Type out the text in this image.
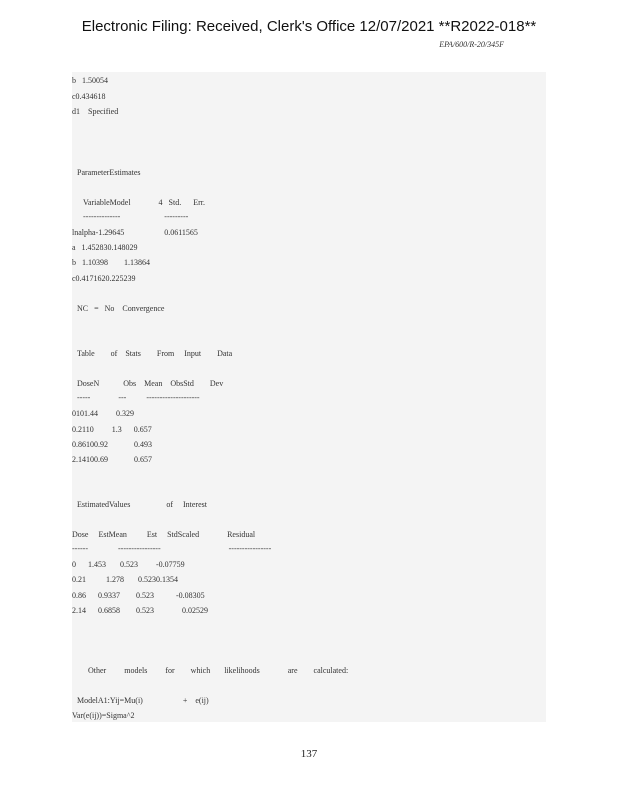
Electronic Filing: Received, Clerk's Office 12/07/2021 **R2022-018**
EPA/600/R-20/345F
b   1.50054
c0.434618
d1    Specified
ParameterEstimates
VariableModel              4   Std.      Err.
--------------                      ---------
lnalpha-1.29645                    0.0611565
a   1.452830.148029
b   1.10398        1.13864
c0.4171620.225239
NC   =   No    Convergence
Table        of    Stats        From     Input        Data
DoseN            Obs    Mean    ObsStd        Dev
-----              ---          --------------------
0101.44         0.329
0.2110         1.3      0.657
0.86100.92             0.493
2.14100.69             0.657
EstimatedValues                  of     Interest
Dose     EstMean          Est     StdScaled              Residual
------               ----------------                                  ----------------
0      1.453       0.523         -0.07759
0.21          1.278       0.5230.1354
0.86      0.9337        0.523           -0.08305
2.14      0.6858        0.523              0.02529
Other         models         for        which       likelihoods              are        calculated:
ModelA1:Yij=Mu(i)                    +    e(ij)
Var(e(ij))=Sigma^2
137
